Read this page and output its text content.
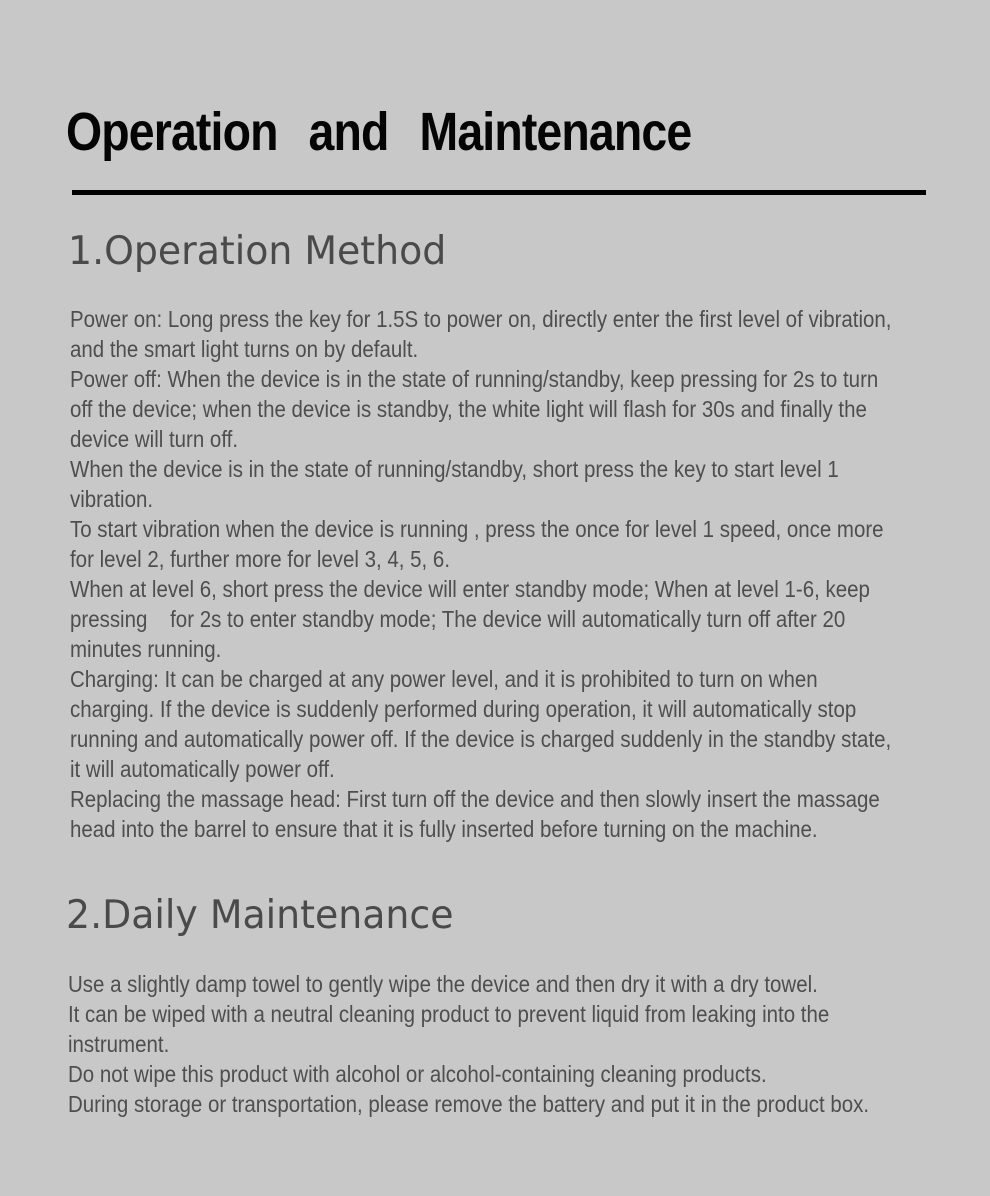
Operation and Maintenance
1.Operation Method

Power on: Long press the key for 1.5S to power on, directly enter the first level of vibration,

and the smart light turns on by default.

Power off: When the device is in the state of running/standby, keep pressing for 2s to turn

off the device; when the device is standby, the white light will flash for 30s and finally the

device will turn off.

When the device is in the state of running/standby, short press the key to start level 1

vibration.

To start vibration when the device is running , press the once for level 1 speed, once more

for level 2, further more for level 3, 4, 5, 6.

When at level 6, short press the device will enter standby mode; When at level 1-6, keep

pressing    for 2s to enter standby mode; The device will automatically turn off after 20

minutes running.

Charging: It can be charged at any power level, and it is prohibited to turn on when

charging. If the device is suddenly performed during operation, it will automatically stop

running and automatically power off. If the device is charged suddenly in the standby state,

it will automatically power off.

Replacing the massage head: First turn off the device and then slowly insert the massage

head into the barrel to ensure that it is fully inserted before turning on the machine.

2.Daily Maintenance

Use a slightly damp towel to gently wipe the device and then dry it with a dry towel.

It can be wiped with a neutral cleaning product to prevent liquid from leaking into the

instrument.

Do not wipe this product with alcohol or alcohol-containing cleaning products.

During storage or transportation, please remove the battery and put it in the product box.
